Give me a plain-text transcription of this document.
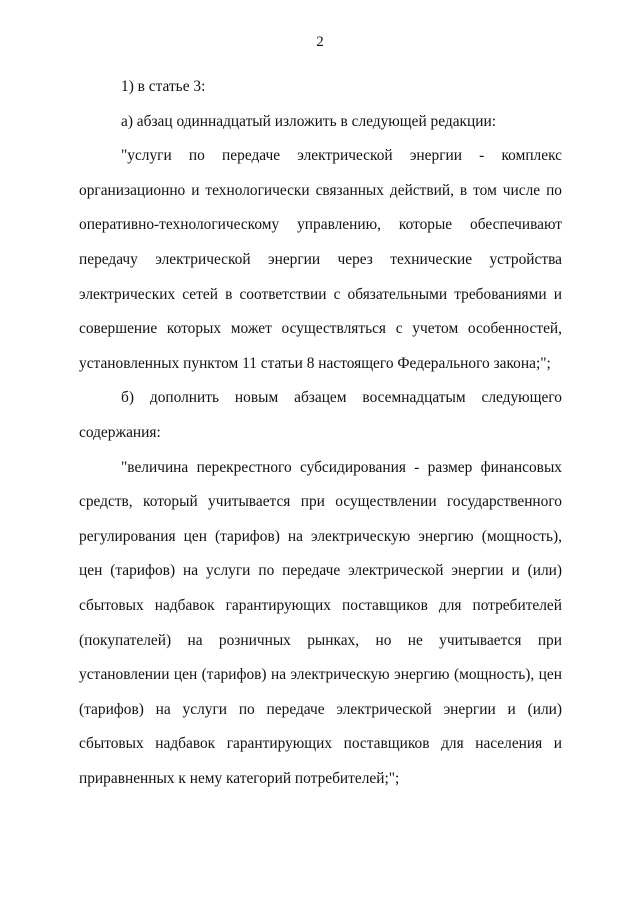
2

1) в статье 3:

а) абзац одиннадцатый изложить в следующей редакции:

"услуги по передаче электрической энергии - комплекс организационно и технологически связанных действий, в том числе по оперативно-технологическому управлению, которые обеспечивают передачу электрической энергии через технические устройства электрических сетей в соответствии с обязательными требованиями и совершение которых может осуществляться с учетом особенностей, установленных пунктом 11 статьи 8 настоящего Федерального закона;";

б) дополнить новым абзацем восемнадцатым следующего содержания:

"величина перекрестного субсидирования - размер финансовых средств, который учитывается при осуществлении государственного регулирования цен (тарифов) на электрическую энергию (мощность), цен (тарифов) на услуги по передаче электрической энергии и (или) сбытовых надбавок гарантирующих поставщиков для потребителей (покупателей) на розничных рынках, но не учитывается при установлении цен (тарифов) на электрическую энергию (мощность), цен (тарифов) на услуги по передаче электрической энергии и (или) сбытовых надбавок гарантирующих поставщиков для населения и приравненных к нему категорий потребителей;";
